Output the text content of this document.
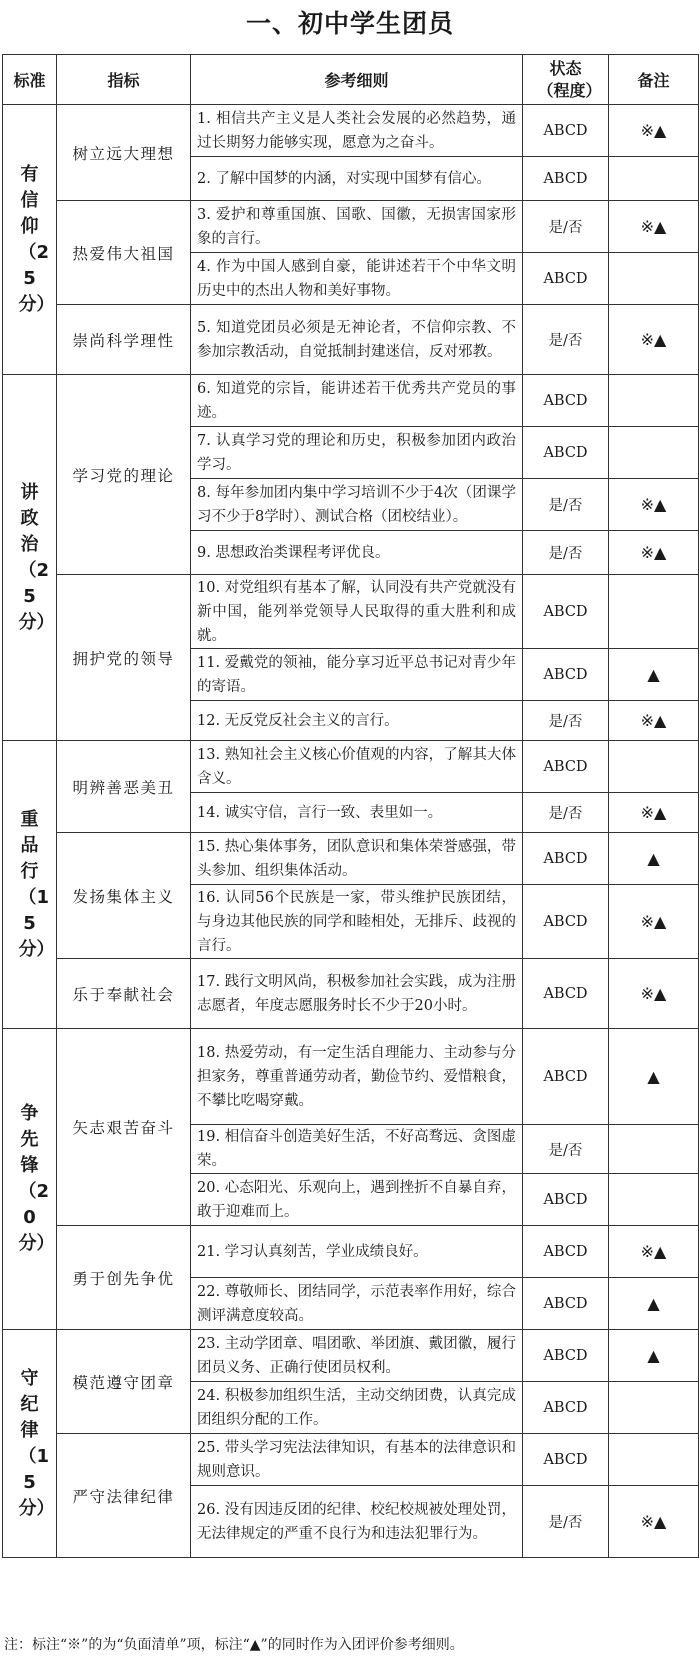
一、初中学生团员
标准	指标	参考细则	状态（程度）	备注
有信仰（25分）	树立远大理想	1. 相信共产主义是人类社会发展的必然趋势，通过长期努力能够实现，愿意为之奋斗。	ABCD	※▲
		2. 了解中国梦的内涵，对实现中国梦有信心。	ABCD	
	热爱伟大祖国	3. 爱护和尊重国旗、国歌、国徽，无损害国家形象的言行。	是/否	※▲
		4. 作为中国人感到自豪，能讲述若干个中华文明历史中的杰出人物和美好事物。	ABCD	
	崇尚科学理性	5. 知道党团员必须是无神论者，不信仰宗教、不参加宗教活动，自觉抵制封建迷信，反对邪教。	是/否	※▲
讲政治（25分）	学习党的理论	6. 知道党的宗旨，能讲述若干优秀共产党员的事迹。	ABCD	
		7. 认真学习党的理论和历史，积极参加团内政治学习。	ABCD	
		8. 每年参加团内集中学习培训不少于4次（团课学习不少于8学时）、测试合格（团校结业）。	是/否	※▲
		9. 思想政治类课程考评优良。	是/否	※▲
	拥护党的领导	10. 对党组织有基本了解，认同没有共产党就没有新中国，能列举党领导人民取得的重大胜利和成就。	ABCD	
		11. 爱戴党的领袖，能分享习近平总书记对青少年的寄语。	ABCD	▲
		12. 无反党反社会主义的言行。	是/否	※▲
重品行（15分）	明辨善恶美丑	13. 熟知社会主义核心价值观的内容，了解其大体含义。	ABCD	
		14. 诚实守信，言行一致、表里如一。	是/否	※▲
	发扬集体主义	15. 热心集体事务，团队意识和集体荣誉感强，带头参加、组织集体活动。	ABCD	▲
		16. 认同56个民族是一家，带头维护民族团结，与身边其他民族的同学和睦相处，无排斥、歧视的言行。	ABCD	※▲
	乐于奉献社会	17. 践行文明风尚，积极参加社会实践，成为注册志愿者，年度志愿服务时长不少于20小时。	ABCD	※▲
争先锋（20分）	矢志艰苦奋斗	18. 热爱劳动，有一定生活自理能力、主动参与分担家务，尊重普通劳动者，勤俭节约、爱惜粮食，不攀比吃喝穿戴。	ABCD	▲
		19. 相信奋斗创造美好生活，不好高骛远、贪图虚荣。	是/否	
		20. 心态阳光、乐观向上，遇到挫折不自暴自弃，敢于迎难而上。	ABCD	
	勇于创先争优	21. 学习认真刻苦，学业成绩良好。	ABCD	※▲
		22. 尊敬师长、团结同学，示范表率作用好，综合测评满意度较高。	ABCD	▲
守纪律（15分）	模范遵守团章	23. 主动学团章、唱团歌、举团旗、戴团徽，履行团员义务、正确行使团员权利。	ABCD	▲
		24. 积极参加组织生活，主动交纳团费，认真完成团组织分配的工作。	ABCD	
	严守法律纪律	25. 带头学习宪法法律知识，有基本的法律意识和规则意识。	ABCD	
		26. 没有因违反团的纪律、校纪校规被处理处罚，无法律规定的严重不良行为和违法犯罪行为。	是/否	※▲
注：标注“※”的为“负面清单”项，标注“▲”的同时作为入团评价参考细则。
